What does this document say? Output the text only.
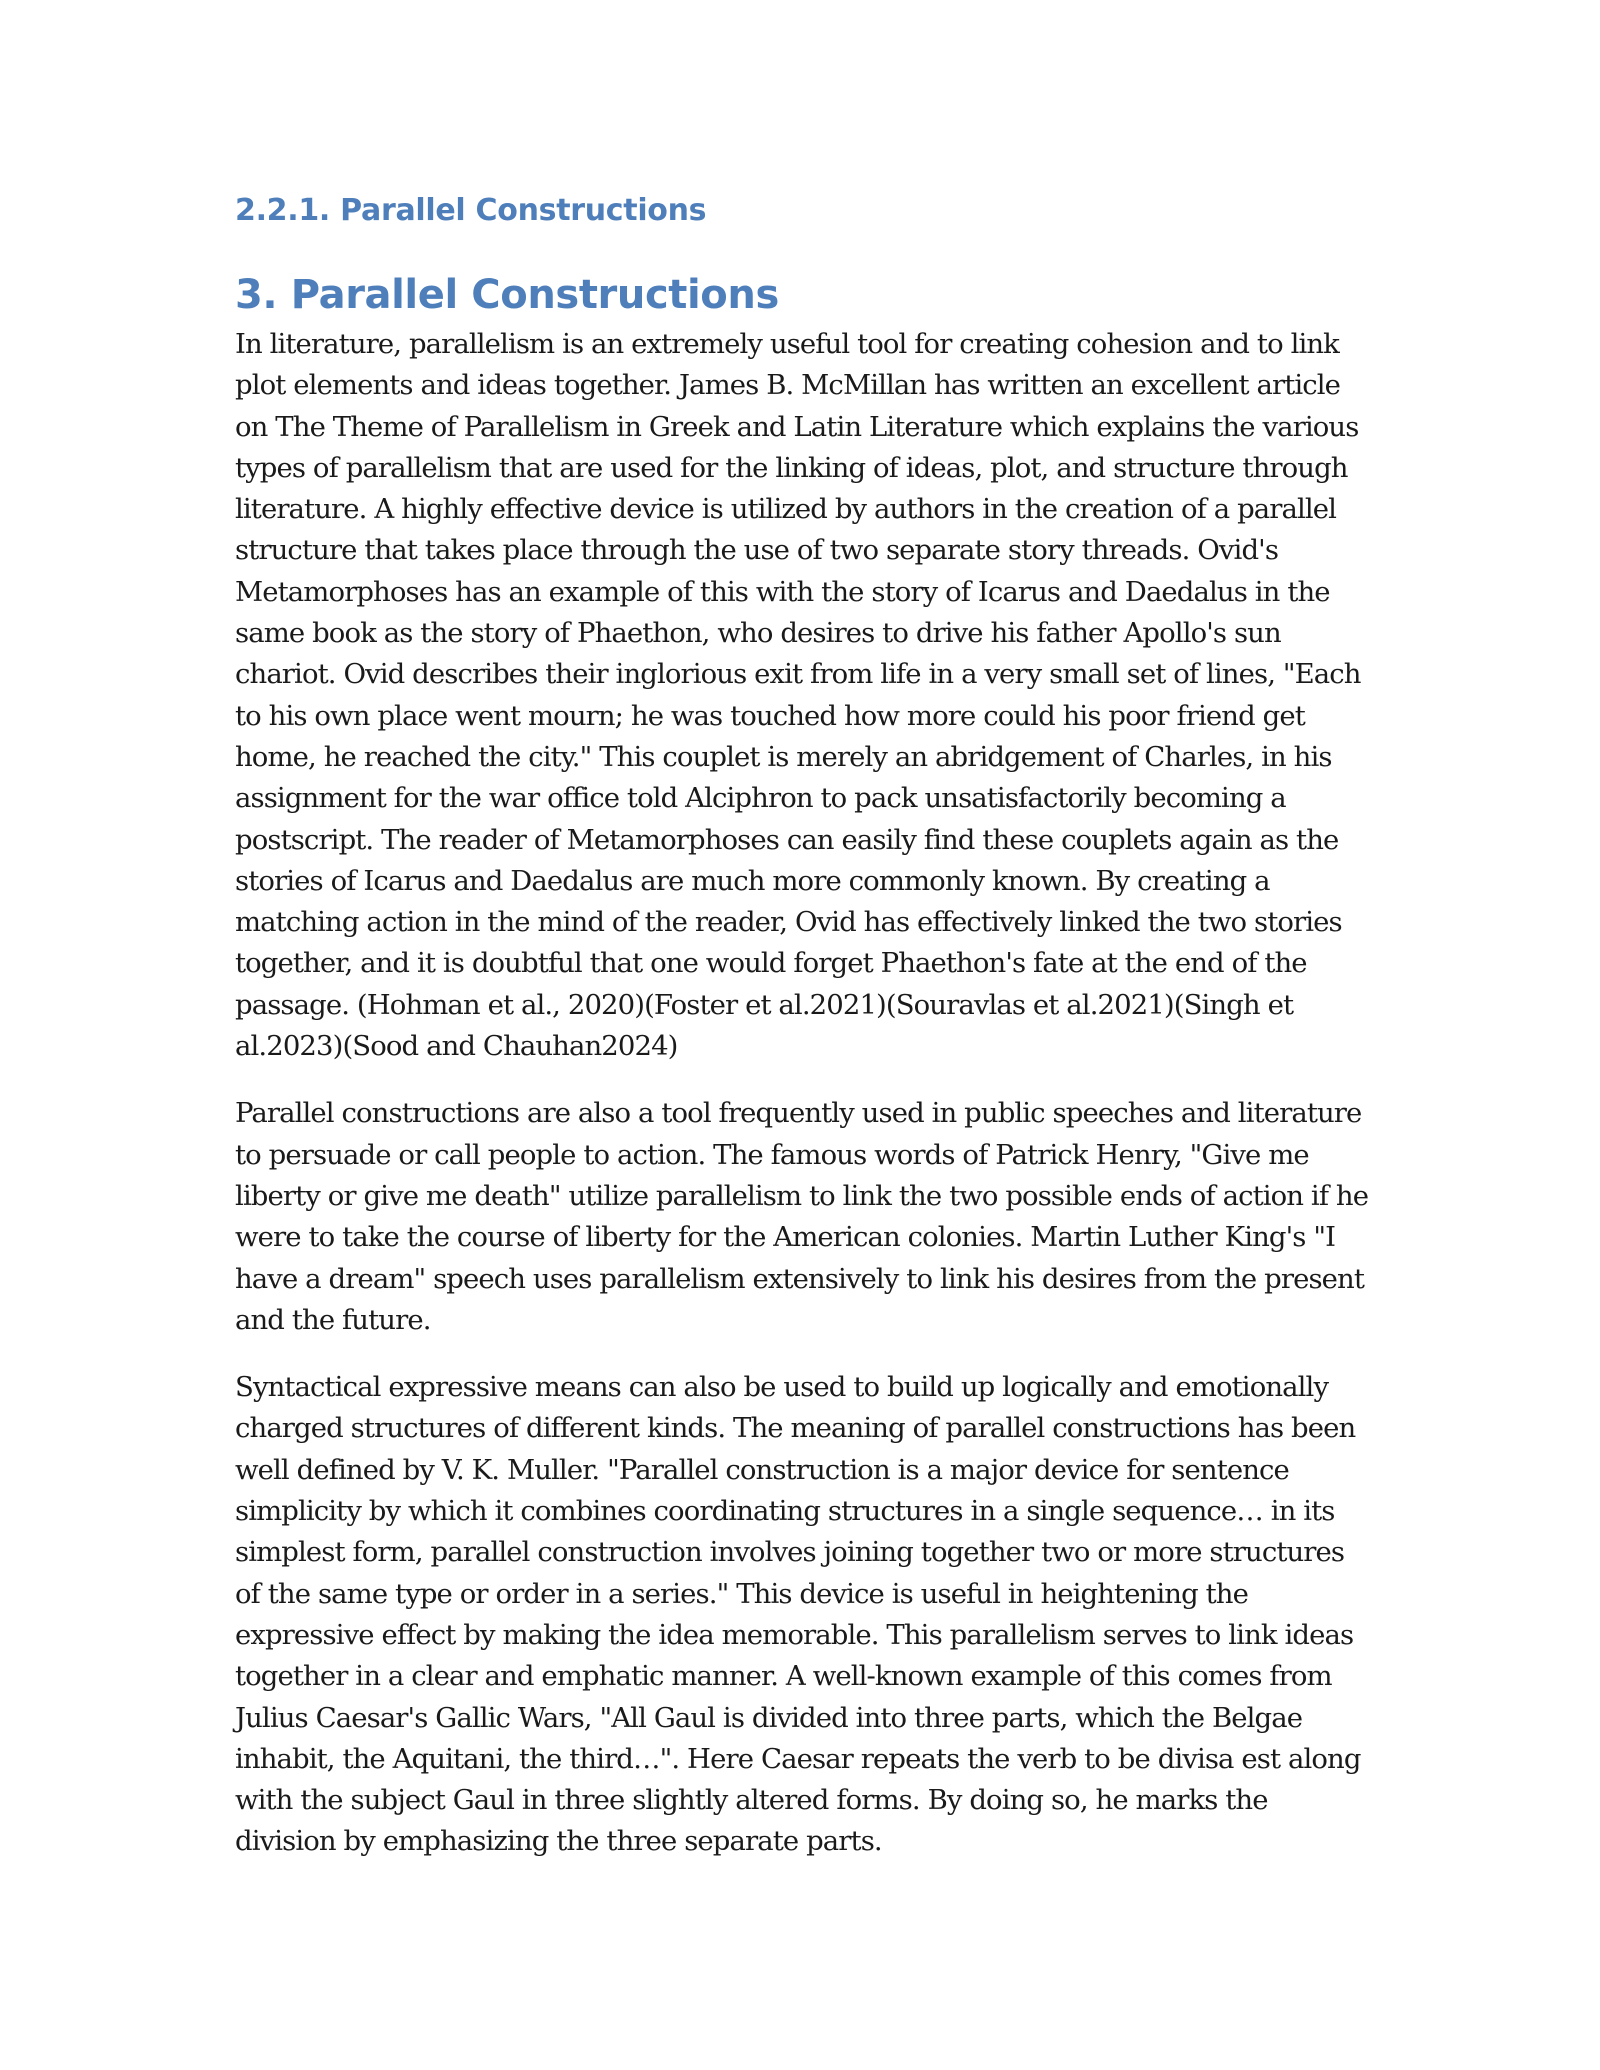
2.2.1. Parallel Constructions
3. Parallel Constructions

In literature, parallelism is an extremely useful tool for creating cohesion and to link plot elements and ideas together. James B. McMillan has written an excellent article on The Theme of Parallelism in Greek and Latin Literature which explains the various types of parallelism that are used for the linking of ideas, plot, and structure through literature. A highly effective device is utilized by authors in the creation of a parallel structure that takes place through the use of two separate story threads. Ovid's Metamorphoses has an example of this with the story of Icarus and Daedalus in the same book as the story of Phaethon, who desires to drive his father Apollo's sun chariot. Ovid describes their inglorious exit from life in a very small set of lines, "Each to his own place went mourn; he was touched how more could his poor friend get home, he reached the city." This couplet is merely an abridgement of Charles, in his assignment for the war office told Alciphron to pack unsatisfactorily becoming a postscript. The reader of Metamorphoses can easily find these couplets again as the stories of Icarus and Daedalus are much more commonly known. By creating a matching action in the mind of the reader, Ovid has effectively linked the two stories together, and it is doubtful that one would forget Phaethon's fate at the end of the passage. (Hohman et al., 2020)(Foster et al.2021)(Souravlas et al.2021)(Singh et al.2023)(Sood and Chauhan2024)

Parallel constructions are also a tool frequently used in public speeches and literature to persuade or call people to action. The famous words of Patrick Henry, "Give me liberty or give me death" utilize parallelism to link the two possible ends of action if he were to take the course of liberty for the American colonies. Martin Luther King's "I have a dream" speech uses parallelism extensively to link his desires from the present and the future.

Syntactical expressive means can also be used to build up logically and emotionally charged structures of different kinds. The meaning of parallel constructions has been well defined by V. K. Muller. "Parallel construction is a major device for sentence simplicity by which it combines coordinating structures in a single sequence… in its simplest form, parallel construction involves joining together two or more structures of the same type or order in a series." This device is useful in heightening the expressive effect by making the idea memorable. This parallelism serves to link ideas together in a clear and emphatic manner. A well-known example of this comes from Julius Caesar's Gallic Wars, "All Gaul is divided into three parts, which the Belgae inhabit, the Aquitani, the third…". Here Caesar repeats the verb to be divisa est along with the subject Gaul in three slightly altered forms. By doing so, he marks the division by emphasizing the three separate parts.
